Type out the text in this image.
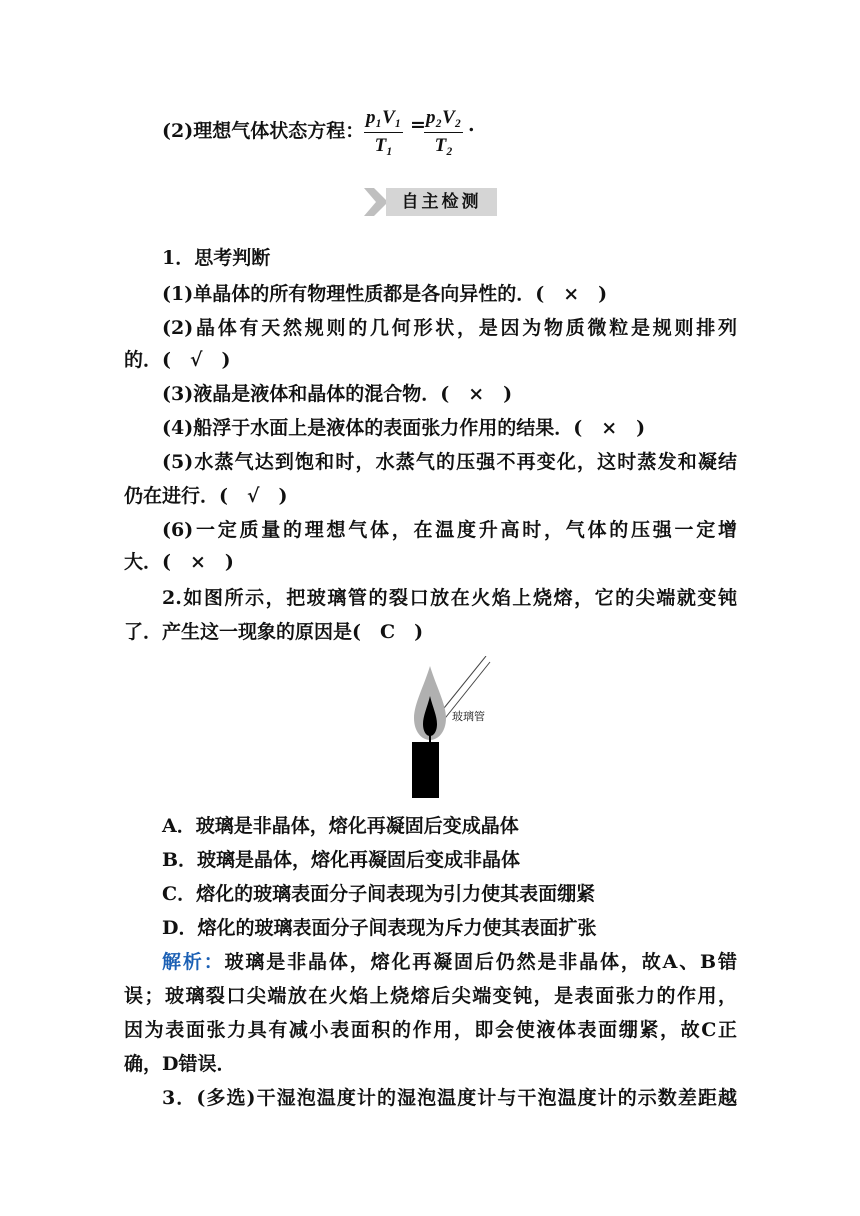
(2)理想气体状态方程：
p₁V₁
T₁
= p₂V₂
T₂
.
自主检测
1．思考判断
(1)单晶体的所有物理性质都是各向异性的．(　×　)
(2)晶体有天然规则的几何形状，是因为物质微粒是规则排列
的．(　√　)
(3)液晶是液体和晶体的混合物．(　×　)
(4)船浮于水面上是液体的表面张力作用的结果．(　×　)
(5)水蒸气达到饱和时，水蒸气的压强不再变化，这时蒸发和凝结
仍在进行．(　√　)
(6)一定质量的理想气体，在温度升高时，气体的压强一定增
大．(　×　)
2.如图所示，把玻璃管的裂口放在火焰上烧熔，它的尖端就变钝
了．产生这一现象的原因是(　C　)
玻璃管
A．玻璃是非晶体，熔化再凝固后变成晶体
B．玻璃是晶体，熔化再凝固后变成非晶体
C．熔化的玻璃表面分子间表现为引力使其表面绷紧
D．熔化的玻璃表面分子间表现为斥力使其表面扩张
解析：玻璃是非晶体，熔化再凝固后仍然是非晶体，故A、B错
误；玻璃裂口尖端放在火焰上烧熔后尖端变钝，是表面张力的作用，
因为表面张力具有减小表面积的作用，即会使液体表面绷紧，故C正
确，D错误．
3．(多选)干湿泡温度计的湿泡温度计与干泡温度计的示数差距越
